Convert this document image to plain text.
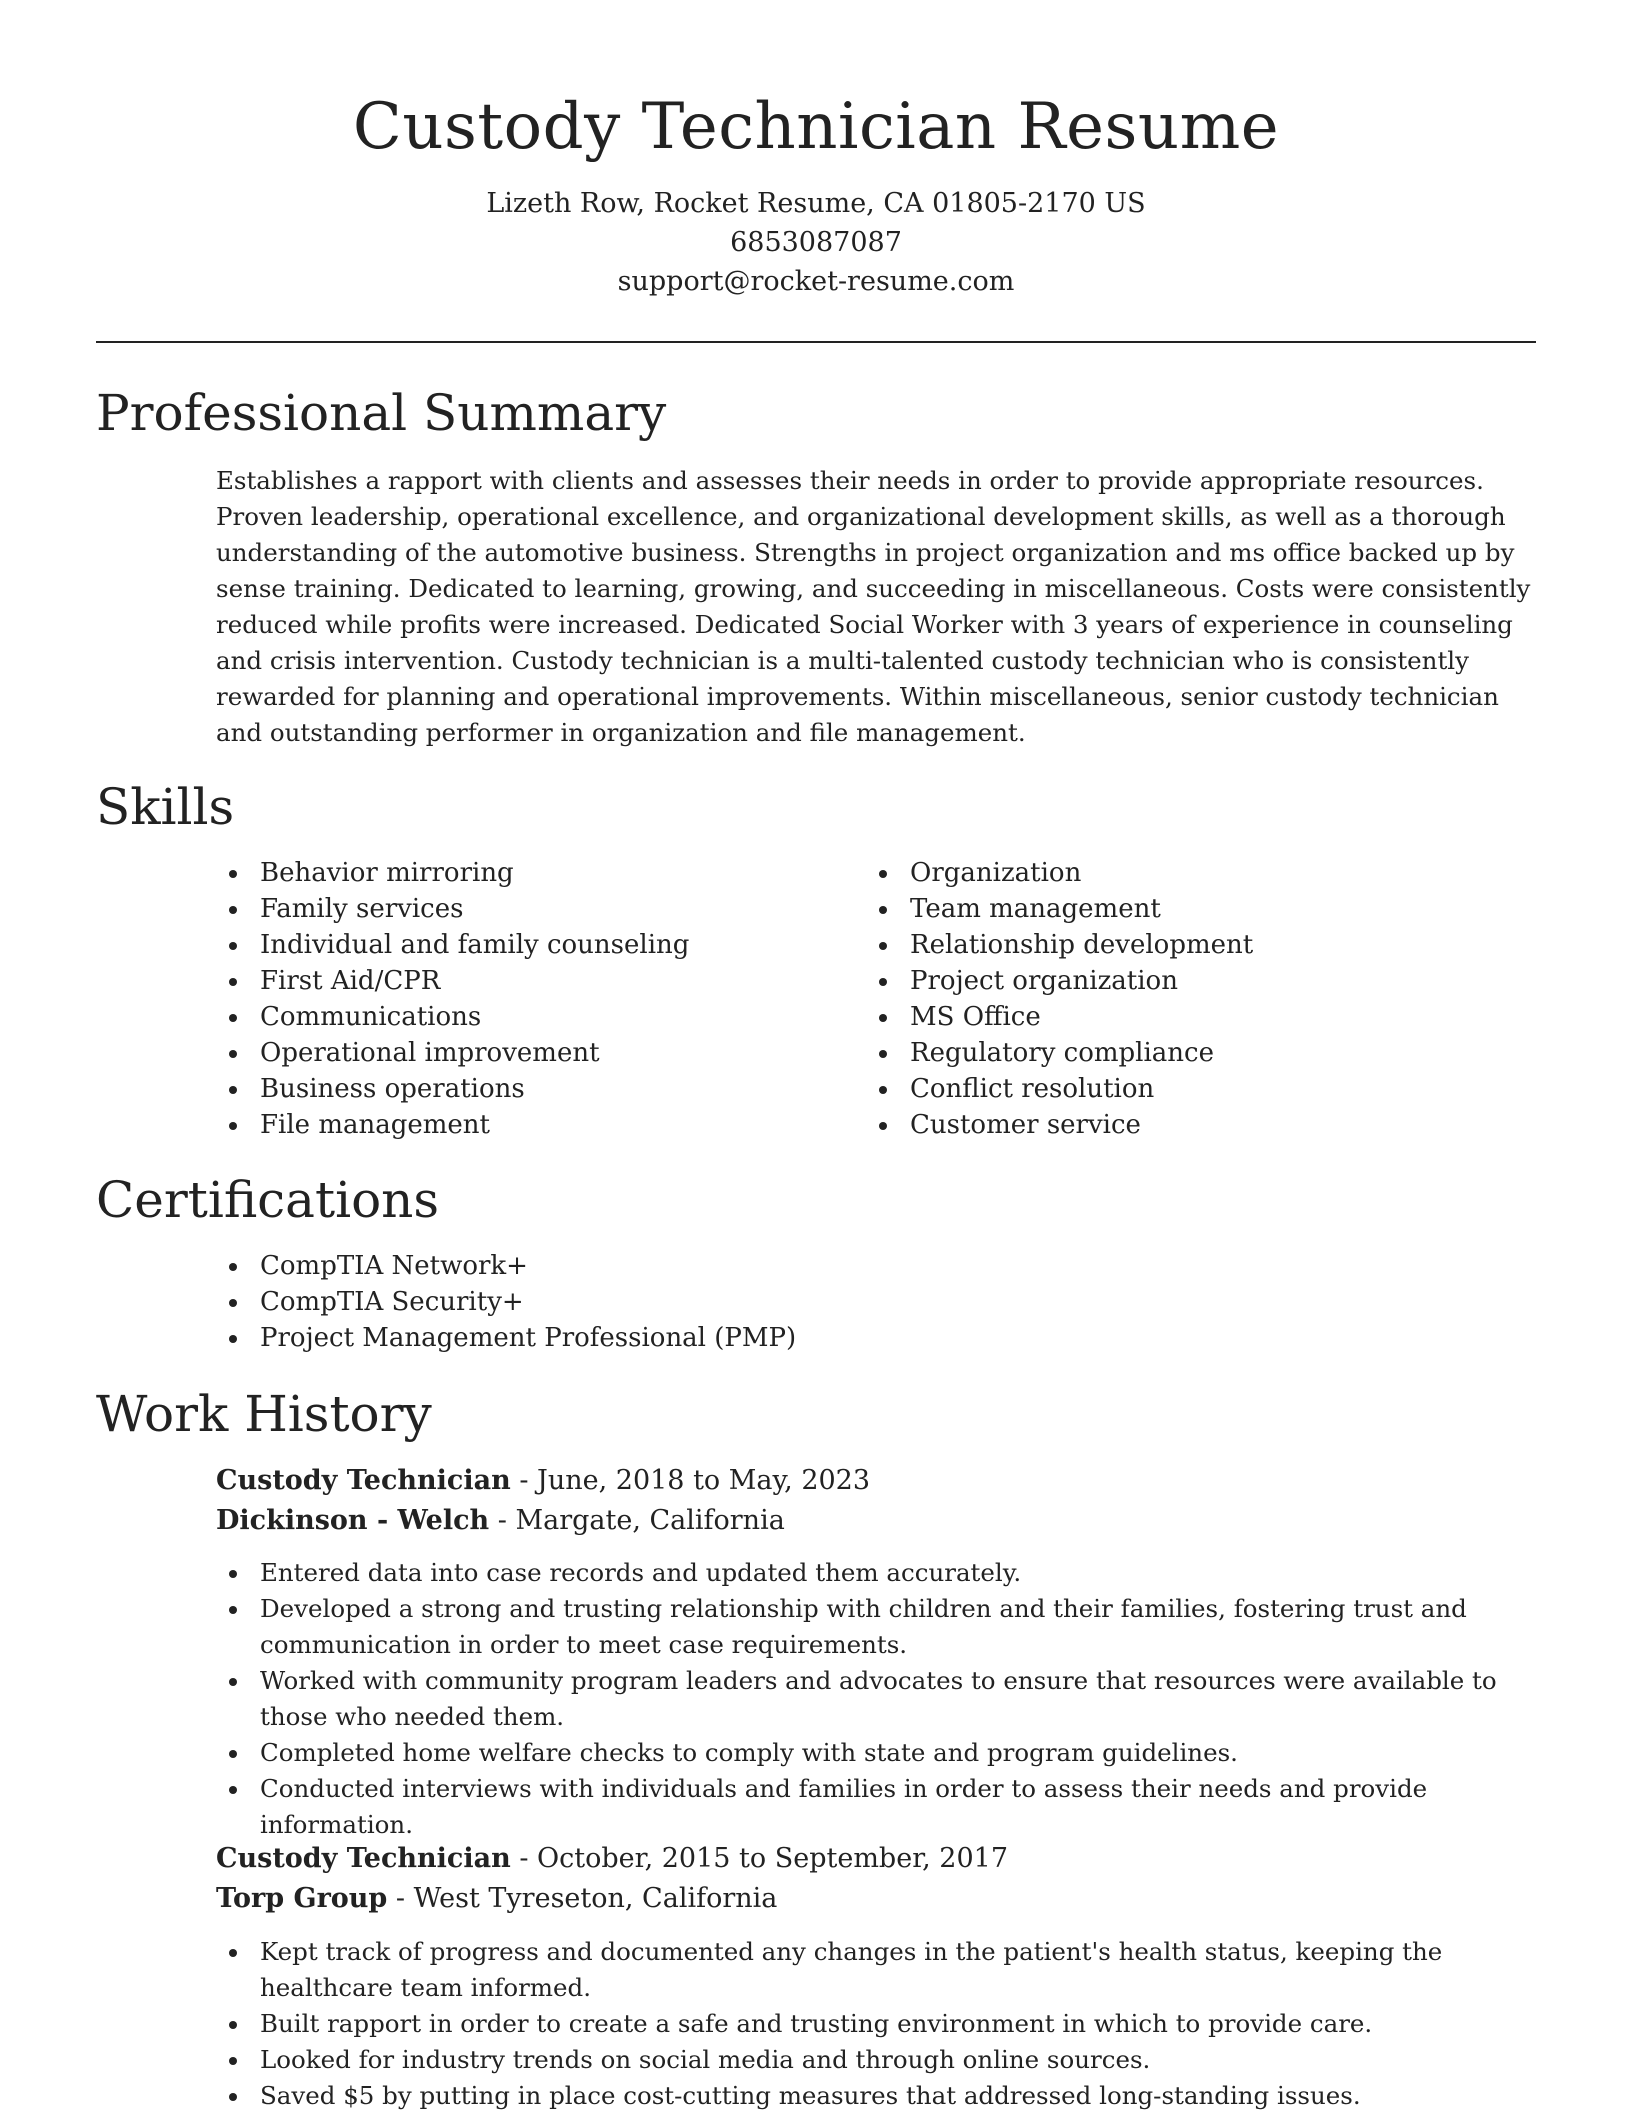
Custody Technician Resume
Lizeth Row, Rocket Resume, CA 01805-2170 US
6853087087
support@rocket-resume.com
Professional Summary

Establishes a rapport with clients and assesses their needs in order to provide appropriate resources. Proven leadership, operational excellence, and organizational development skills, as well as a thorough understanding of the automotive business. Strengths in project organization and ms office backed up by sense training. Dedicated to learning, growing, and succeeding in miscellaneous. Costs were consistently reduced while profits were increased. Dedicated Social Worker with 3 years of experience in counseling and crisis intervention. Custody technician is a multi-talented custody technician who is consistently rewarded for planning and operational improvements. Within miscellaneous, senior custody technician and outstanding performer in organization and file management.

Skills
Behavior mirroring
Family services
Individual and family counseling
First Aid/CPR
Communications
Operational improvement
Business operations
File management
Organization
Team management
Relationship development
Project organization
MS Office
Regulatory compliance
Conflict resolution
Customer service
Certifications
CompTIA Network+
CompTIA Security+
Project Management Professional (PMP)
Work History
Custody Technician - June, 2018 to May, 2023
Dickinson - Welch - Margate, California
Entered data into case records and updated them accurately.
Developed a strong and trusting relationship with children and their families, fostering trust and communication in order to meet case requirements.
Worked with community program leaders and advocates to ensure that resources were available to those who needed them.
Completed home welfare checks to comply with state and program guidelines.
Conducted interviews with individuals and families in order to assess their needs and provide information.
Custody Technician - October, 2015 to September, 2017
Torp Group - West Tyreseton, California
Kept track of progress and documented any changes in the patient's health status, keeping the healthcare team informed.
Built rapport in order to create a safe and trusting environment in which to provide care.
Looked for industry trends on social media and through online sources.
Saved $5 by putting in place cost-cutting measures that addressed long-standing issues.
